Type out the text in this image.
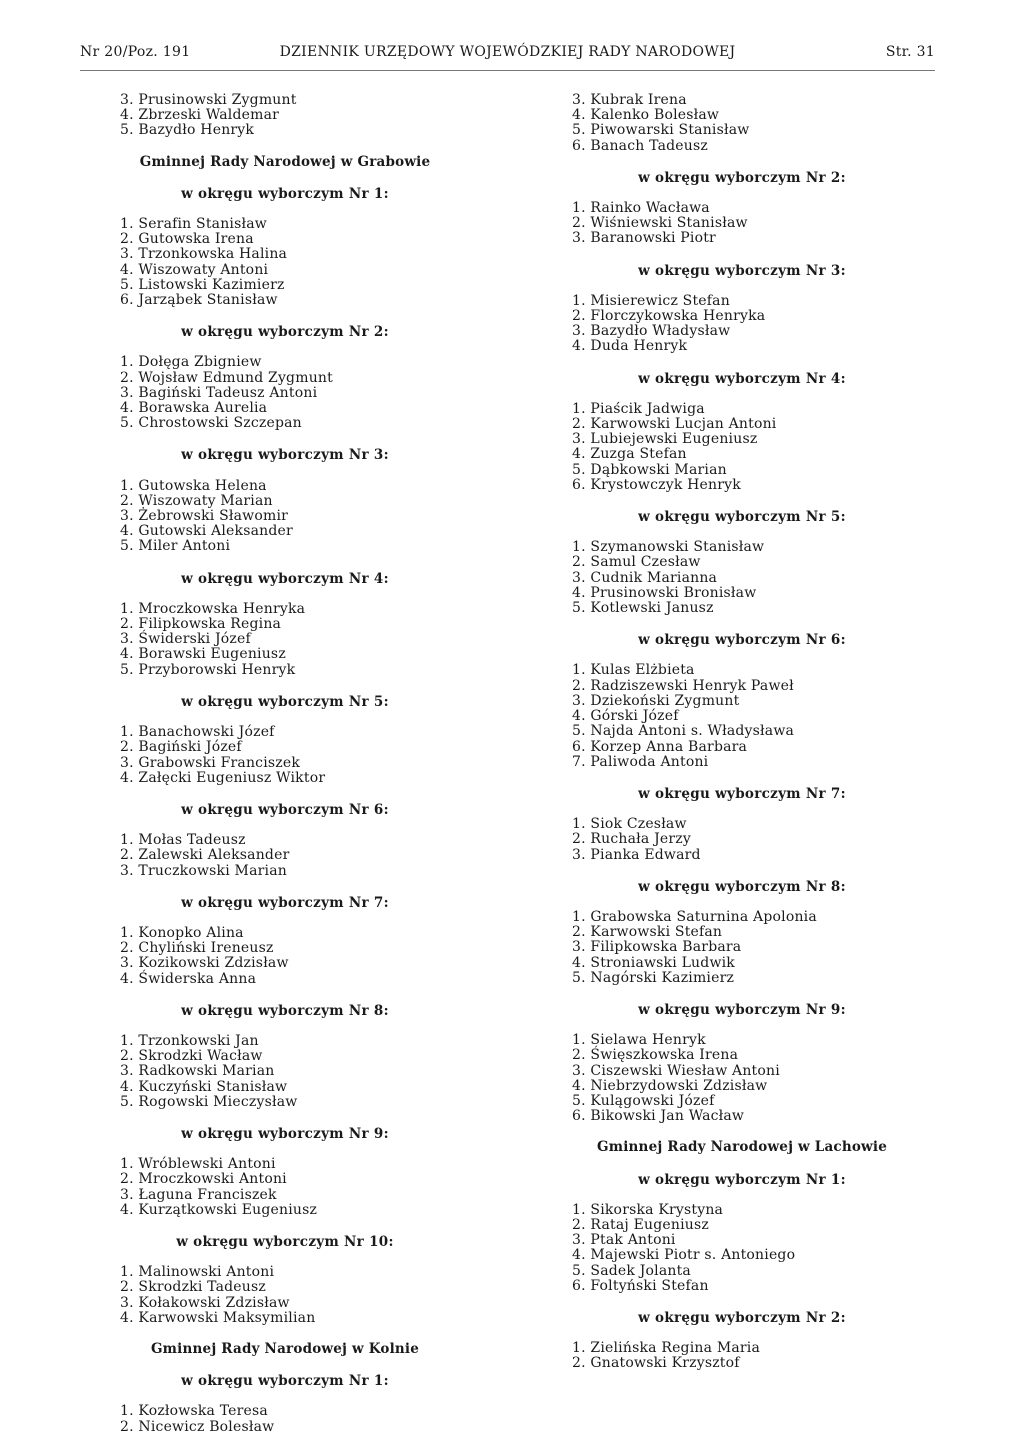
Nr 20/Poz. 191	DZIENNIK URZĘDOWY WOJEWÓDZKIEJ RADY NARODOWEJ	Str. 31
3. Prusinowski Zygmunt
4. Zbrzeski Waldemar
5. Bazydło Henryk
Gminnej Rady Narodowej w Grabowie
w okręgu wyborczym Nr 1:
1. Serafin Stanisław
2. Gutowska Irena
3. Trzonkowska Halina
4. Wiszowaty Antoni
5. Listowski Kazimierz
6. Jarząbek Stanisław
w okręgu wyborczym Nr 2:
1. Dołęga Zbigniew
2. Wojsław Edmund Zygmunt
3. Bagiński Tadeusz Antoni
4. Borawska Aurelia
5. Chrostowski Szczepan
w okręgu wyborczym Nr 3:
1. Gutowska Helena
2. Wiszowaty Marian
3. Żebrowski Sławomir
4. Gutowski Aleksander
5. Miler Antoni
w okręgu wyborczym Nr 4:
1. Mroczkowska Henryka
2. Filipkowska Regina
3. Świderski Józef
4. Borawski Eugeniusz
5. Przyborowski Henryk
w okręgu wyborczym Nr 5:
1. Banachowski Józef
2. Bagiński Józef
3. Grabowski Franciszek
4. Załęcki Eugeniusz Wiktor
w okręgu wyborczym Nr 6:
1. Mołas Tadeusz
2. Zalewski Aleksander
3. Truczkowski Marian
w okręgu wyborczym Nr 7:
1. Konopko Alina
2. Chyliński Ireneusz
3. Kozikowski Zdzisław
4. Świderska Anna
w okręgu wyborczym Nr 8:
1. Trzonkowski Jan
2. Skrodzki Wacław
3. Radkowski Marian
4. Kuczyński Stanisław
5. Rogowski Mieczysław
w okręgu wyborczym Nr 9:
1. Wróblewski Antoni
2. Mroczkowski Antoni
3. Łaguna Franciszek
4. Kurzątkowski Eugeniusz
w okręgu wyborczym Nr 10:
1. Malinowski Antoni
2. Skrodzki Tadeusz
3. Kołakowski Zdzisław
4. Karwowski Maksymilian
Gminnej Rady Narodowej w Kolnie
w okręgu wyborczym Nr 1:
1. Kozłowska Teresa
2. Nicewicz Bolesław
3. Kubrak Irena
4. Kalenko Bolesław
5. Piwowarski Stanisław
6. Banach Tadeusz
w okręgu wyborczym Nr 2:
1. Rainko Wacława
2. Wiśniewski Stanisław
3. Baranowski Piotr
w okręgu wyborczym Nr 3:
1. Misierewicz Stefan
2. Florczykowska Henryka
3. Bazydło Władysław
4. Duda Henryk
w okręgu wyborczym Nr 4:
1. Piaścik Jadwiga
2. Karwowski Lucjan Antoni
3. Lubiejewski Eugeniusz
4. Zuzga Stefan
5. Dąbkowski Marian
6. Krystowczyk Henryk
w okręgu wyborczym Nr 5:
1. Szymanowski Stanisław
2. Samul Czesław
3. Cudnik Marianna
4. Prusinowski Bronisław
5. Kotlewski Janusz
w okręgu wyborczym Nr 6:
1. Kulas Elżbieta
2. Radziszewski Henryk Paweł
3. Dziekoński Zygmunt
4. Górski Józef
5. Najda Antoni s. Władysława
6. Korzep Anna Barbara
7. Paliwoda Antoni
w okręgu wyborczym Nr 7:
1. Siok Czesław
2. Ruchała Jerzy
3. Pianka Edward
w okręgu wyborczym Nr 8:
1. Grabowska Saturnina Apolonia
2. Karwowski Stefan
3. Filipkowska Barbara
4. Stroniawski Ludwik
5. Nagórski Kazimierz
w okręgu wyborczym Nr 9:
1. Sielawa Henryk
2. Święszkowska Irena
3. Ciszewski Wiesław Antoni
4. Niebrzydowski Zdzisław
5. Kulągowski Józef
6. Bikowski Jan Wacław
Gminnej Rady Narodowej w Lachowie
w okręgu wyborczym Nr 1:
1. Sikorska Krystyna
2. Rataj Eugeniusz
3. Ptak Antoni
4. Majewski Piotr s. Antoniego
5. Sadek Jolanta
6. Foltyński Stefan
w okręgu wyborczym Nr 2:
1. Zielińska Regina Maria
2. Gnatowski Krzysztof
